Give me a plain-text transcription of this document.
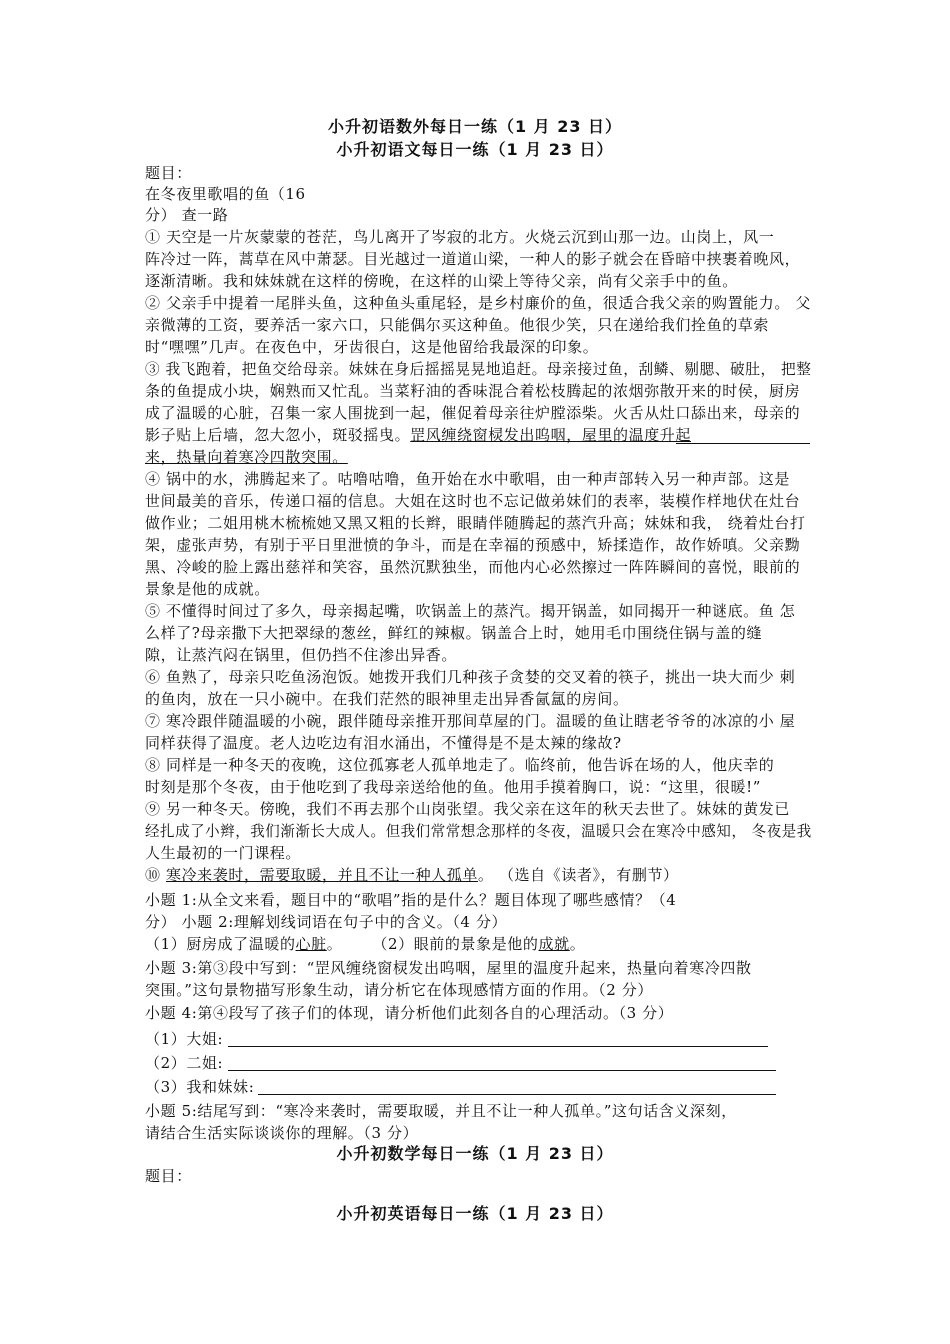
小升初语数外每日一练（1 月 23 日）
小升初语文每日一练（1 月 23 日）
题目：
在冬夜里歌唱的鱼（16
分） 查一路
① 天空是一片灰蒙蒙的苍茫，鸟儿离开了岑寂的北方。火烧云沉到山那一边。山岗上，风一
阵冷过一阵，蒿草在风中萧瑟。目光越过一道道山梁，一种人的影子就会在昏暗中挟裹着晚风，
逐渐清晰。我和妹妹就在这样的傍晚，在这样的山梁上等待父亲，尚有父亲手中的鱼。
② 父亲手中提着一尾胖头鱼，这种鱼头重尾轻，是乡村廉价的鱼，很适合我父亲的购置能力。 父
亲微薄的工资，要养活一家六口，只能偶尔买这种鱼。他很少笑，只在递给我们拴鱼的草索
时“嘿嘿”几声。在夜色中，牙齿很白，这是他留给我最深的印象。
③ 我飞跑着，把鱼交给母亲。妹妹在身后摇摇晃晃地追赶。母亲接过鱼，刮鳞、剔腮、破肚， 把整
条的鱼提成小块，娴熟而又忙乱。当菜籽油的香味混合着松枝腾起的浓烟弥散开来的时侯，厨房
成了温暖的心脏，召集一家人围拢到一起，催促着母亲往炉膛添柴。火舌从灶口舔出来，母亲的
影子贴上后墙，忽大忽小，斑驳摇曳。罡风缠绕窗棂发出呜咽，屋里的温度升起
来，热量向着寒冷四散突围。
④ 锅中的水，沸腾起来了。咕噜咕噜，鱼开始在水中歌唱，由一种声部转入另一种声部。这是
世间最美的音乐，传递口福的信息。大姐在这时也不忘记做弟妹们的表率，装模作样地伏在灶台
做作业；二姐用桃木梳梳她又黑又粗的长辫，眼睛伴随腾起的蒸汽升高；妹妹和我， 绕着灶台打
架，虚张声势，有别于平日里泄愤的争斗，而是在幸福的预感中，矫揉造作，故作娇嗔。父亲黝
黑、冷峻的脸上露出慈祥和笑容，虽然沉默独坐，而他内心必然擦过一阵阵瞬间的喜悦，眼前的
景象是他的成就。
⑤ 不懂得时间过了多久，母亲揭起嘴，吹锅盖上的蒸汽。揭开锅盖，如同揭开一种谜底。鱼 怎
么样了?母亲撒下大把翠绿的葱丝，鲜红的辣椒。锅盖合上时，她用毛巾围绕住锅与盖的缝
隙，让蒸汽闷在锅里，但仍挡不住渗出异香。
⑥ 鱼熟了，母亲只吃鱼汤泡饭。她拨开我们几种孩子贪婪的交叉着的筷子，挑出一块大而少 刺
的鱼肉，放在一只小碗中。在我们茫然的眼神里走出异香氤氲的房间。
⑦ 寒冷跟伴随温暖的小碗，跟伴随母亲推开那间草屋的门。温暖的鱼让瞎老爷爷的冰凉的小 屋
同样获得了温度。老人边吃边有泪水涌出，不懂得是不是太辣的缘故?
⑧ 同样是一种冬天的夜晚，这位孤寡老人孤单地走了。临终前，他告诉在场的人，他庆幸的
时刻是那个冬夜，由于他吃到了我母亲送给他的鱼。他用手摸着胸口，说：“这里，很暖!”
⑨ 另一种冬天。傍晚，我们不再去那个山岗张望。我父亲在这年的秋天去世了。妹妹的黄发已
经扎成了小辫，我们渐渐长大成人。但我们常常想念那样的冬夜，温暖只会在寒冷中感知， 冬夜是我
人生最初的一门课程。
⑩ 寒冷来袭时，需要取暖，并且不让一种人孤单。 （选自《读者》，有删节）
小题 1:从全文来看，题目中的“歌唱”指的是什么？题目体现了哪些感情？（4
分） 小题 2:理解划线词语在句子中的含义。（4 分）
（1）厨房成了温暖的心脏。 （2）眼前的景象是他的成就。
小题 3:第③段中写到：“罡风缠绕窗棂发出呜咽，屋里的温度升起来，热量向着寒冷四散
突围。”这句景物描写形象生动，请分析它在体现感情方面的作用。（2 分）
小题 4:第④段写了孩子们的体现，请分析他们此刻各自的心理活动。（3 分）
（1）大姐:
（2）二姐:
（3）我和妹妹:
小题 5:结尾写到：“寒冷来袭时，需要取暖，并且不让一种人孤单。”这句话含义深刻，
请结合生活实际谈谈你的理解。（3 分）
小升初数学每日一练（1 月 23 日）
题目：
小升初英语每日一练（1 月 23 日）
